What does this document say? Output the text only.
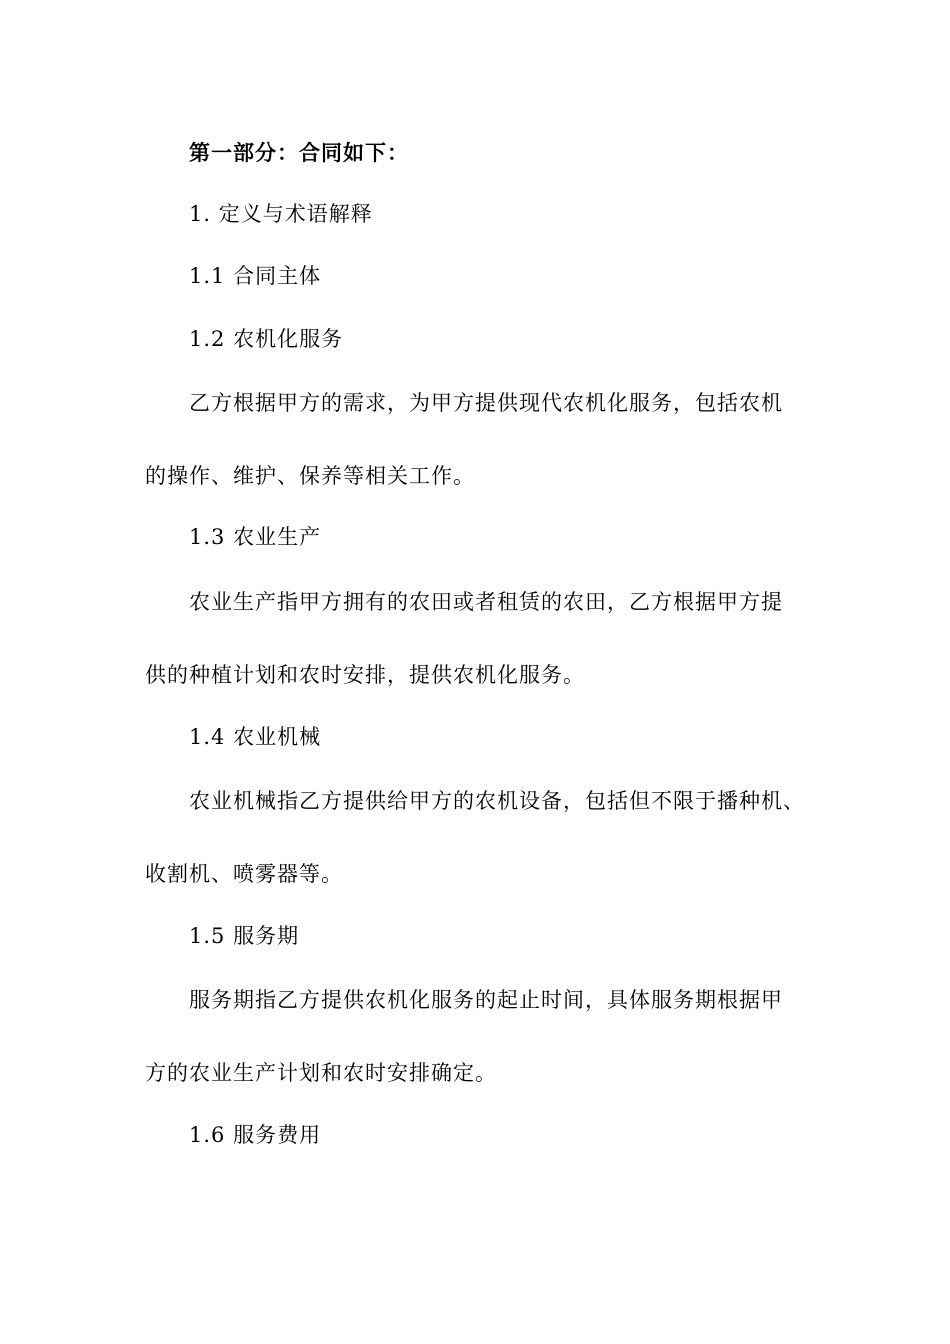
第一部分：合同如下：
1. 定义与术语解释
1.1 合同主体
1.2 农机化服务
乙方根据甲方的需求，为甲方提供现代农机化服务，包括农机
的操作、维护、保养等相关工作。
1.3 农业生产
农业生产指甲方拥有的农田或者租赁的农田，乙方根据甲方提
供的种植计划和农时安排，提供农机化服务。
1.4 农业机械
农业机械指乙方提供给甲方的农机设备，包括但不限于播种机、
收割机、喷雾器等。
1.5 服务期
服务期指乙方提供农机化服务的起止时间，具体服务期根据甲
方的农业生产计划和农时安排确定。
1.6 服务费用
